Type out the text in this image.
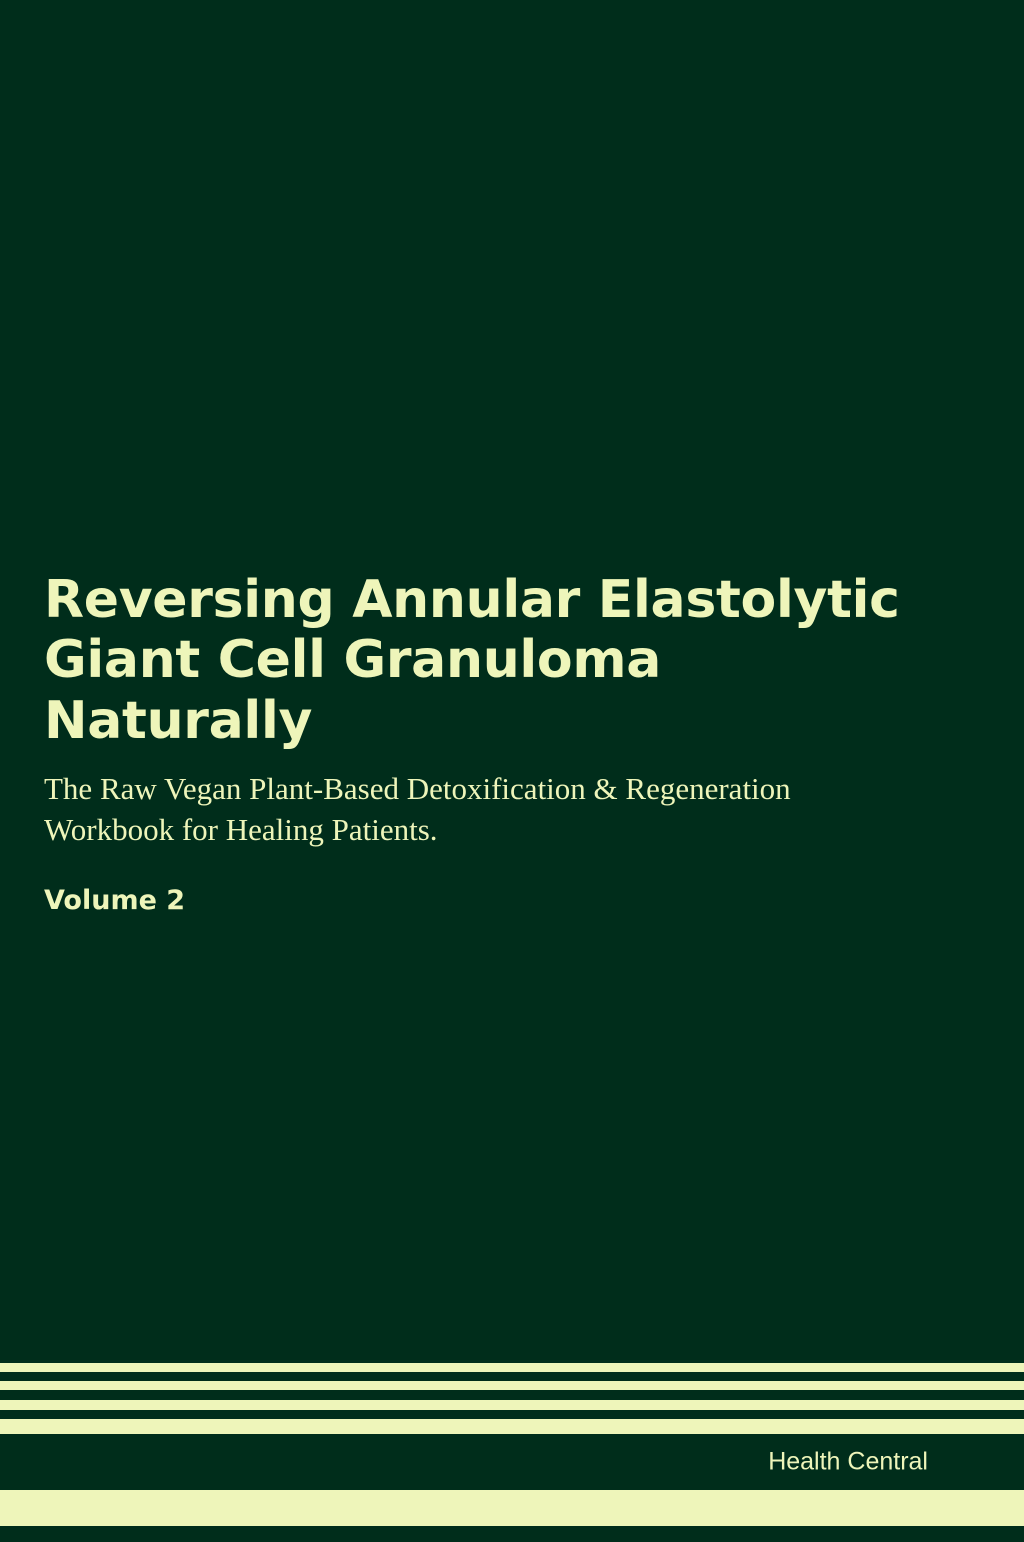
Reversing Annular Elastolytic Giant Cell Granuloma Naturally

The Raw Vegan Plant-Based Detoxification & Regeneration Workbook for Healing Patients.

Volume 2

Health Central
